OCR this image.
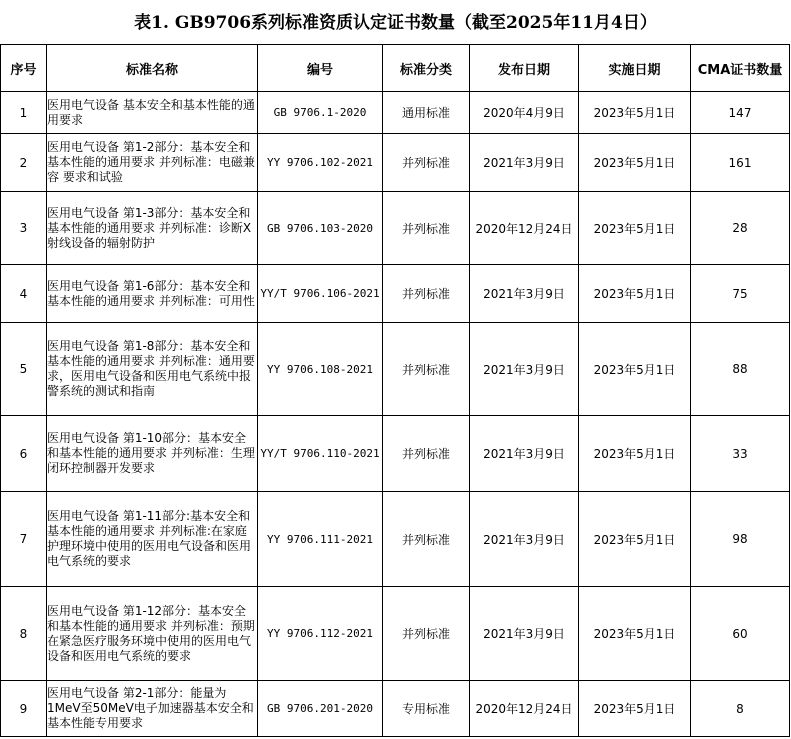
表1. GB9706系列标准资质认定证书数量（截至2025年11月4日）
序号	标准名称	编号	标准分类	发布日期	实施日期	CMA证书数量
1	医用电气设备 基本安全和基本性能的通用要求	GB 9706.1-2020	通用标准	2020年4月9日	2023年5月1日	147
2	医用电气设备 第1-2部分：基本安全和基本性能的通用要求 并列标准：电磁兼容 要求和试验	YY 9706.102-2021	并列标准	2021年3月9日	2023年5月1日	161
3	医用电气设备 第1-3部分：基本安全和基本性能的通用要求 并列标准：诊断X射线设备的辐射防护	GB 9706.103-2020	并列标准	2020年12月24日	2023年5月1日	28
4	医用电气设备 第1-6部分：基本安全和基本性能的通用要求 并列标准：可用性	YY/T 9706.106-2021	并列标准	2021年3月9日	2023年5月1日	75
5	医用电气设备 第1-8部分：基本安全和基本性能的通用要求 并列标准：通用要求，医用电气设备和医用电气系统中报警系统的测试和指南	YY 9706.108-2021	并列标准	2021年3月9日	2023年5月1日	88
6	医用电气设备 第1-10部分：基本安全和基本性能的通用要求 并列标准：生理闭环控制器开发要求	YY/T 9706.110-2021	并列标准	2021年3月9日	2023年5月1日	33
7	医用电气设备 第1-11部分:基本安全和基本性能的通用要求 并列标准:在家庭护理环境中使用的医用电气设备和医用电气系统的要求	YY 9706.111-2021	并列标准	2021年3月9日	2023年5月1日	98
8	医用电气设备 第1-12部分：基本安全和基本性能的通用要求 并列标准：预期在紧急医疗服务环境中使用的医用电气设备和医用电气系统的要求	YY 9706.112-2021	并列标准	2021年3月9日	2023年5月1日	60
9	医用电气设备 第2-1部分：能量为1MeV至50MeV电子加速器基本安全和基本性能专用要求	GB 9706.201-2020	专用标准	2020年12月24日	2023年5月1日	8
